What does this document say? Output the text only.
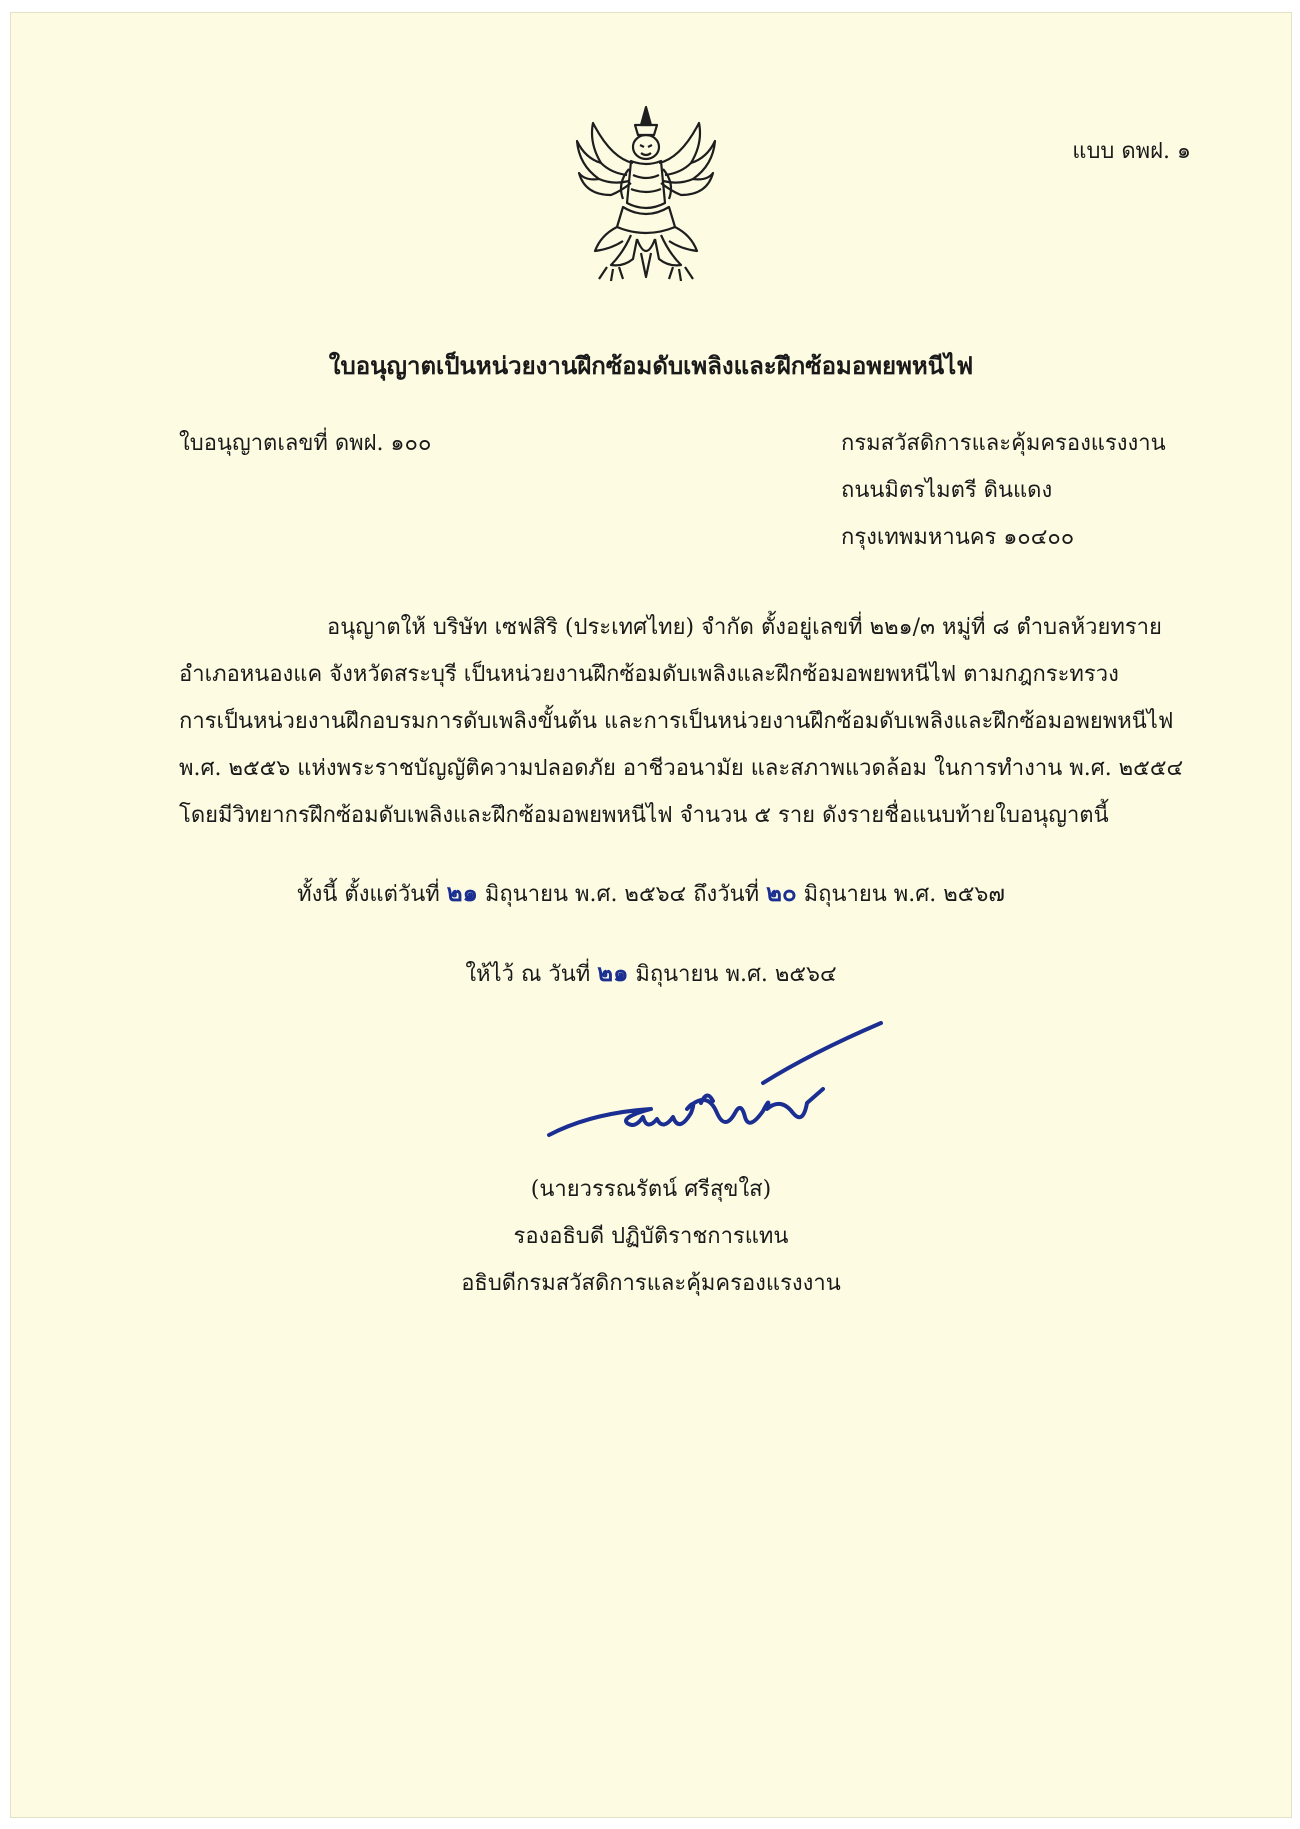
แบบ ดพฝ. ๑
ใบอนุญาตเป็นหน่วยงานฝึกซ้อมดับเพลิงและฝึกซ้อมอพยพหนีไฟ
ใบอนุญาตเลขที่ ดพฝ. ๑๐๐	กรมสวัสดิการและคุ้มครองแรงงาน
ถนนมิตรไมตรี ดินแดง
กรุงเทพมหานคร ๑๐๔๐๐
อนุญาตให้ บริษัท เซฟสิริ (ประเทศไทย) จำกัด ตั้งอยู่เลขที่ ๒๒๑/๓ หมู่ที่ ๘ ตำบลห้วยทราย
อำเภอหนองแค จังหวัดสระบุรี เป็นหน่วยงานฝึกซ้อมดับเพลิงและฝึกซ้อมอพยพหนีไฟ ตามกฎกระทรวง
การเป็นหน่วยงานฝึกอบรมการดับเพลิงขั้นต้น และการเป็นหน่วยงานฝึกซ้อมดับเพลิงและฝึกซ้อมอพยพหนีไฟ
พ.ศ. ๒๕๕๖ แห่งพระราชบัญญัติความปลอดภัย อาชีวอนามัย และสภาพแวดล้อม ในการทำงาน พ.ศ. ๒๕๕๔
โดยมีวิทยากรฝึกซ้อมดับเพลิงและฝึกซ้อมอพยพหนีไฟ จำนวน ๕ ราย ดังรายชื่อแนบท้ายใบอนุญาตนี้
ทั้งนี้ ตั้งแต่วันที่ ๒๑ มิถุนายน พ.ศ. ๒๕๖๔ ถึงวันที่ ๒๐ มิถุนายน พ.ศ. ๒๕๖๗
ให้ไว้ ณ วันที่ ๒๑ มิถุนายน พ.ศ. ๒๕๖๔
(นายวรรณรัตน์ ศรีสุขใส)
รองอธิบดี ปฏิบัติราชการแทน
อธิบดีกรมสวัสดิการและคุ้มครองแรงงาน
